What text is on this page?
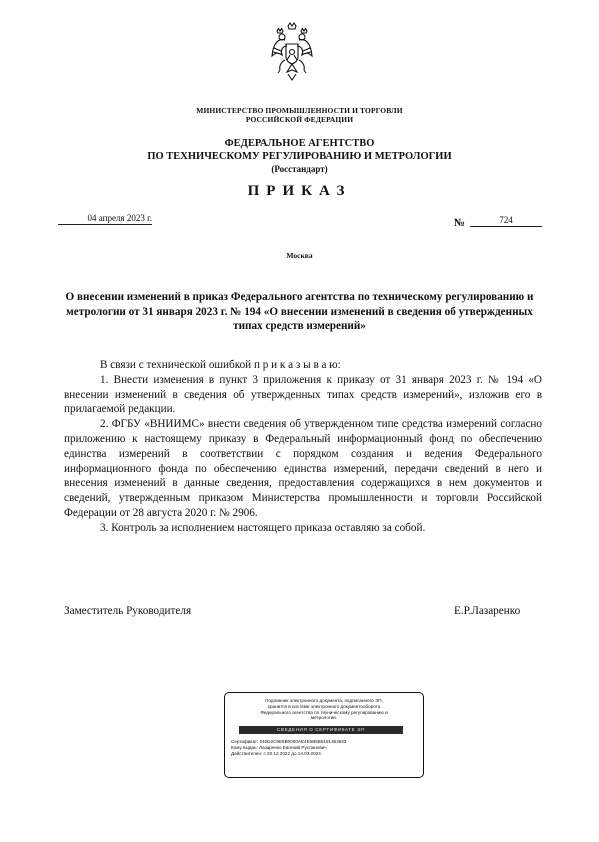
МИНИСТЕРСТВО ПРОМЫШЛЕННОСТИ И ТОРГОВЛИ
РОССИЙСКОЙ ФЕДЕРАЦИИ
ФЕДЕРАЛЬНОЕ АГЕНТСТВО
ПО ТЕХНИЧЕСКОМУ РЕГУЛИРОВАНИЮ И МЕТРОЛОГИИ
(Росстандарт)
ПРИКАЗ
04 апреля 2023 г.	№	724
Москва
О внесении изменений в приказ Федерального агентства по техническому регулированию и метрологии от 31 января 2023 г. № 194 «О внесении изменений в сведения об утвержденных типах средств измерений»

В связи с технической ошибкой п р и к а з ы в а ю:

1. Внести изменения в пункт 3 приложения к приказу от 31 января 2023 г. № 194 «О внесении изменений в сведения об утвержденных типах средств измерений», изложив его в прилагаемой редакции.

2. ФГБУ «ВНИИМС» внести сведения об утвержденном типе средства измерений согласно приложению к настоящему приказу в Федеральный информационный фонд по обеспечению единства измерений в соответствии с порядком создания и ведения Федерального информационного фонда по обеспечению единства измерений, передачи сведений в него и внесения изменений в данные сведения, предоставления содержащихся в нем документов и сведений, утвержденным приказом Министерства промышленности и торговли Российской Федерации от 28 августа 2020 г. № 2906.

3. Контроль за исполнением настоящего приказа оставляю за собой.

Заместитель Руководителя	Е.Р.Лазаренко
Подлинник электронного документа, подписанного ЭП,
хранится в системе электронного документооборота
Федерального агентства по техническому регулированию и
метрологии.
СВЕДЕНИЯ О СЕРТИФИКАТЕ ЭП
Сертификат: 040D2C9E8B0000AE4E6B5B5181363833
Кому выдан: Лазаренко Евгений Русланович
Действителен: с 20.12.2022 до 14.03.2024
